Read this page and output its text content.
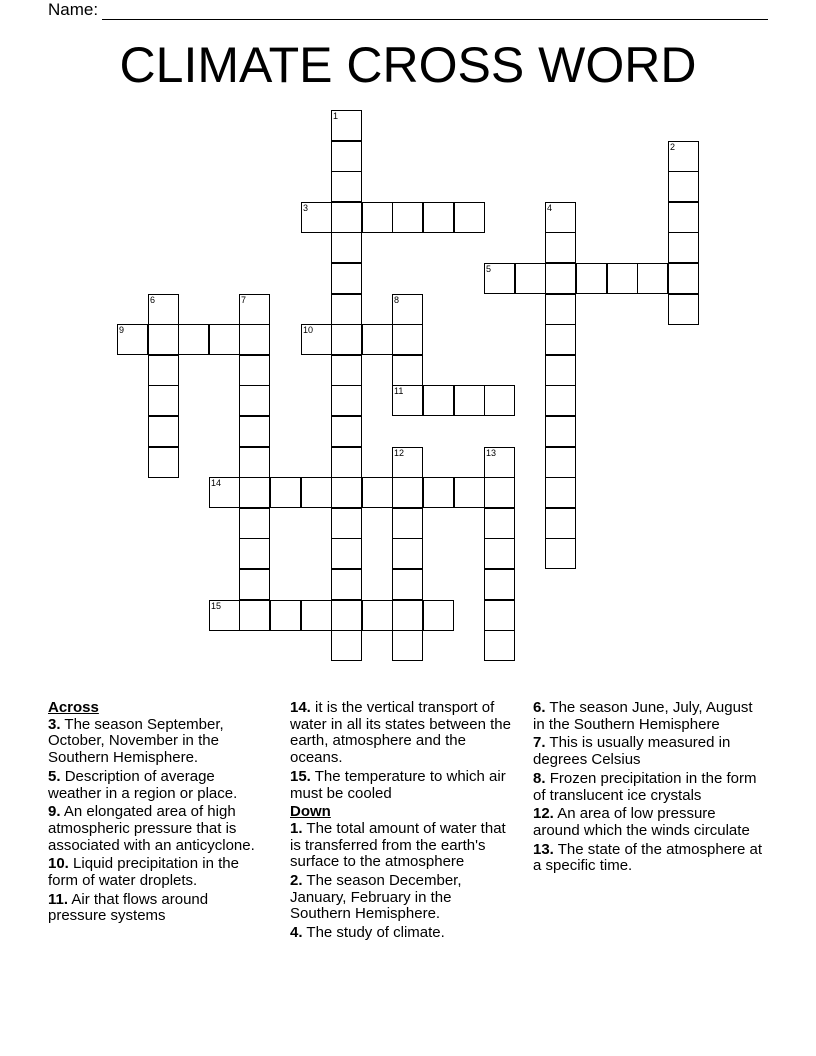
Name:
CLIMATE CROSS WORD
1
2
3	4
5
6	7	8
11
9	10
12	13
14
15
Across
3. The season September, October, November in the Southern Hemisphere.
5. Description of average weather in a region or place.
9. An elongated area of high atmospheric pressure that is associated with an anticyclone.
10. Liquid precipitation in the form of water droplets.
11. Air that flows around pressure systems
14. it is the vertical transport of water in all its states between the earth, atmosphere and the oceans.
15. The temperature to which air must be cooled
Down
1. The total amount of water that is transferred from the earth's surface to the atmosphere
2. The season December, January, February in the Southern Hemisphere.
4. The study of climate.
6. The season June, July, August in the Southern Hemisphere
7. This is usually measured in degrees Celsius
8. Frozen precipitation in the form of translucent ice crystals
12. An area of low pressure around which the winds circulate
13. The state of the atmosphere at a specific time.
